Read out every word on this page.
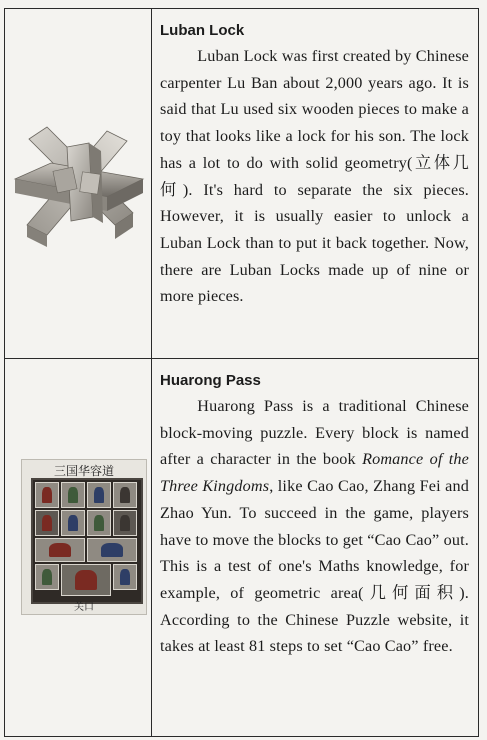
Luban Lock
Luban Lock was first created by Chinese carpenter Lu Ban about 2,000 years ago. It is said that Lu used six wooden pieces to make a toy that looks like a lock for his son. The lock has a lot to do with solid geometry(立体几何). It's hard to separate the six pieces. However, it is usually easier to unlock a Luban Lock than to put it back together. Now, there are Luban Locks made up of nine or more pieces.
三国华容道
关口
Huarong Pass
Huarong Pass is a traditional Chinese block-moving puzzle. Every block is named after a character in the book Romance of the Three Kingdoms, like Cao Cao, Zhang Fei and Zhao Yun. To succeed in the game, players have to move the blocks to get “Cao Cao” out. This is a test of one's Maths knowledge, for example, of geometric area(几何面积). According to the Chinese Puzzle website, it takes at least 81 steps to set “Cao Cao” free.
